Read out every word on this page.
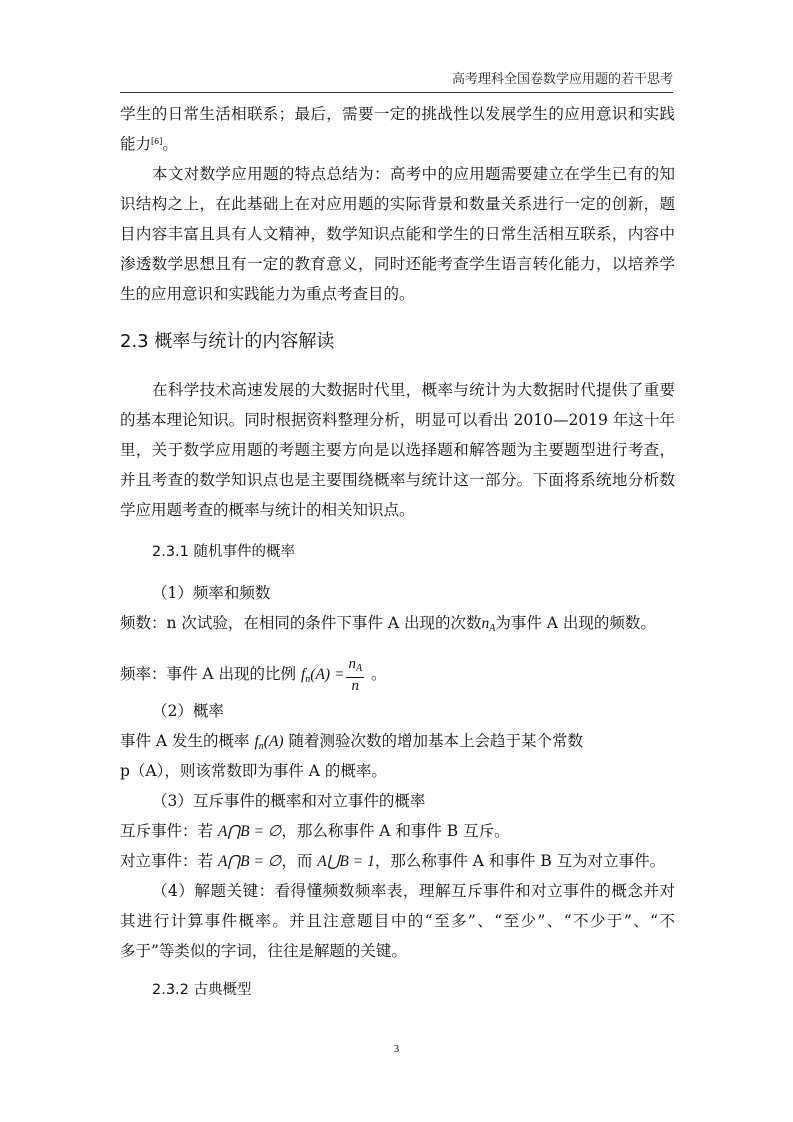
高考理科全国卷数学应用题的若干思考
学生的日常生活相联系；最后，需要一定的挑战性以发展学生的应用意识和实践
能力[6]。
本文对数学应用题的特点总结为：高考中的应用题需要建立在学生已有的知
识结构之上，在此基础上在对应用题的实际背景和数量关系进行一定的创新，题
目内容丰富且具有人文精神，数学知识点能和学生的日常生活相互联系，内容中
渗透数学思想且有一定的教育意义，同时还能考查学生语言转化能力，以培养学
生的应用意识和实践能力为重点考查目的。
2.3 概率与统计的内容解读
在科学技术高速发展的大数据时代里，概率与统计为大数据时代提供了重要
的基本理论知识。同时根据资料整理分析，明显可以看出 2010—2019 年这十年
里，关于数学应用题的考题主要方向是以选择题和解答题为主要题型进行考查，
并且考查的数学知识点也是主要围绕概率与统计这一部分。下面将系统地分析数
学应用题考查的概率与统计的相关知识点。
2.3.1 随机事件的概率
（1）频率和频数
频数：n 次试验，在相同的条件下事件 A 出现的次数nA为事件 A 出现的频数。
频率：事件 A 出现的比例 $fn(A) = \frac{n_A}{n}$ 。
（2）概率
事件 A 发生的概率 fn(A) 随着测验次数的增加基本上会趋于某个常数
p（A），则该常数即为事件 A 的概率。
（3）互斥事件的概率和对立事件的概率
互斥事件：若 A⋂B = ∅，那么称事件 A 和事件 B 互斥。
对立事件：若 A⋂B = ∅，而 A⋃B = 1，那么称事件 A 和事件 B 互为对立事件。
（4）解题关键：看得懂频数频率表，理解互斥事件和对立事件的概念并对
其进行计算事件概率。并且注意题目中的“至多”、“至少”、“不少于”、“不
多于”等类似的字词，往往是解题的关键。
2.3.2 古典概型
3
